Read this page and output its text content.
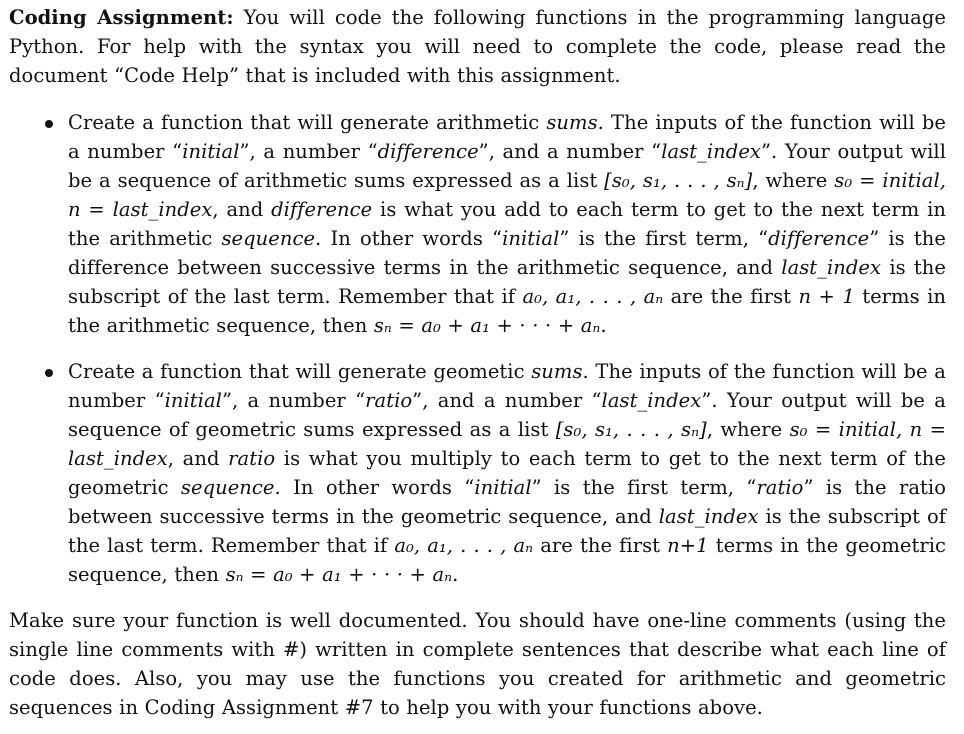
Coding Assignment: You will code the following functions in the programming language Python. For help with the syntax you will need to complete the code, please read the document “Code Help” that is included with this assignment.

Create a function that will generate arithmetic sums. The inputs of the function will be a number “initial”, a number “difference”, and a number “last_index”. Your output will be a sequence of arithmetic sums expressed as a list [s₀, s₁, . . . , sₙ], where s₀ = initial, n = last_index, and difference is what you add to each term to get to the next term in the arithmetic sequence. In other words “initial” is the first term, “difference” is the difference between successive terms in the arithmetic sequence, and last_index is the subscript of the last term. Remember that if a₀, a₁, . . . , aₙ are the first n + 1 terms in the arithmetic sequence, then sₙ = a₀ + a₁ + · · · + aₙ.
Create a function that will generate geometic sums. The inputs of the function will be a number “initial”, a number “ratio”, and a number “last_index”. Your output will be a sequence of geometric sums expressed as a list [s₀, s₁, . . . , sₙ], where s₀ = initial, n = last_index, and ratio is what you multiply to each term to get to the next term of the geometric sequence. In other words “initial” is the first term, “ratio” is the ratio between successive terms in the geometric sequence, and last_index is the subscript of the last term. Remember that if a₀, a₁, . . . , aₙ are the first n+1 terms in the geometric sequence, then sₙ = a₀ + a₁ + · · · + aₙ.

Make sure your function is well documented. You should have one-line comments (using the single line comments with #) written in complete sentences that describe what each line of code does. Also, you may use the functions you created for arithmetic and geometric sequences in Coding Assignment #7 to help you with your functions above.
